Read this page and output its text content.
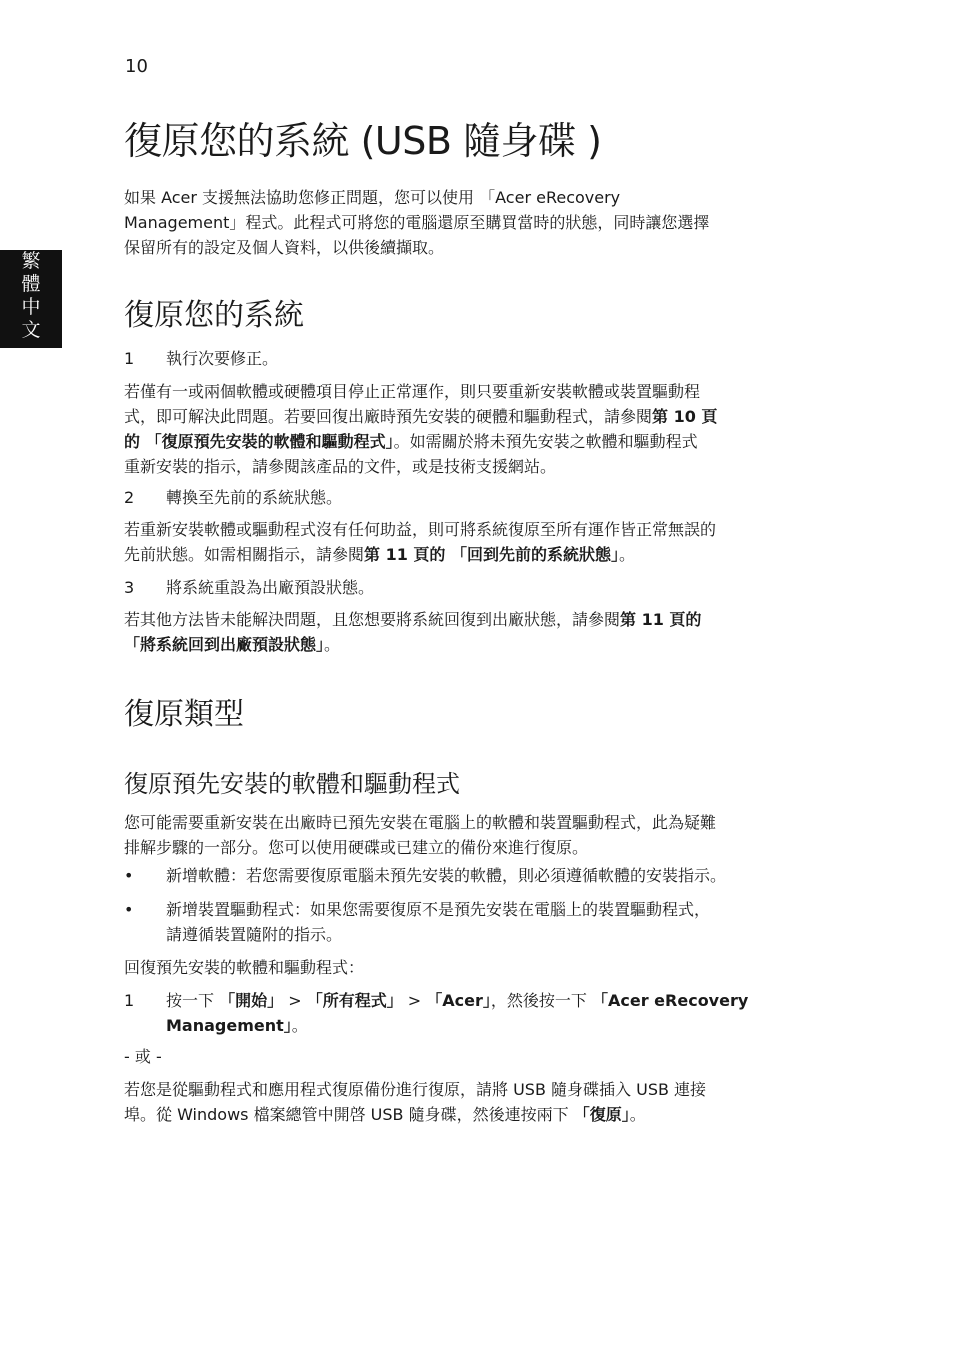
10
繁
體
中
文
復原您的系統 (USB 隨身碟 )
如果 Acer 支援無法協助您修正問題，您可以使用 「Acer eRecovery
Management」程式。此程式可將您的電腦還原至購買當時的狀態，同時讓您選擇
保留所有的設定及個人資料，以供後續擷取。
復原您的系統
1 執行次要修正。
若僅有一或兩個軟體或硬體項目停止正常運作，則只要重新安裝軟體或裝置驅動程
式，即可解決此問題。若要回復出廠時預先安裝的硬體和驅動程式，請參閱第 10 頁
的 「復原預先安裝的軟體和驅動程式」。如需關於將未預先安裝之軟體和驅動程式
重新安裝的指示，請參閱該產品的文件，或是技術支援網站。
2 轉換至先前的系統狀態。
若重新安裝軟體或驅動程式沒有任何助益，則可將系統復原至所有運作皆正常無誤的
先前狀態。如需相關指示，請參閱第 11 頁的 「回到先前的系統狀態」。
3 將系統重設為出廠預設狀態。
若其他方法皆未能解決問題，且您想要將系統回復到出廠狀態，請參閱第 11 頁的
「將系統回到出廠預設狀態」。
復原類型
復原預先安裝的軟體和驅動程式
您可能需要重新安裝在出廠時已預先安裝在電腦上的軟體和裝置驅動程式，此為疑難
排解步驟的一部分。您可以使用硬碟或已建立的備份來進行復原。
• 新增軟體：若您需要復原電腦未預先安裝的軟體，則必須遵循軟體的安裝指示。
• 新增裝置驅動程式：如果您需要復原不是預先安裝在電腦上的裝置驅動程式，
請遵循裝置隨附的指示。
回復預先安裝的軟體和驅動程式：
1 按一下 「開始」 > 「所有程式」 > 「Acer」，然後按一下 「Acer eRecovery
Management」。
- 或 -
若您是從驅動程式和應用程式復原備份進行復原，請將 USB 隨身碟插入 USB 連接
埠。從 Windows 檔案總管中開啓 USB 隨身碟，然後連按兩下 「復原」。
